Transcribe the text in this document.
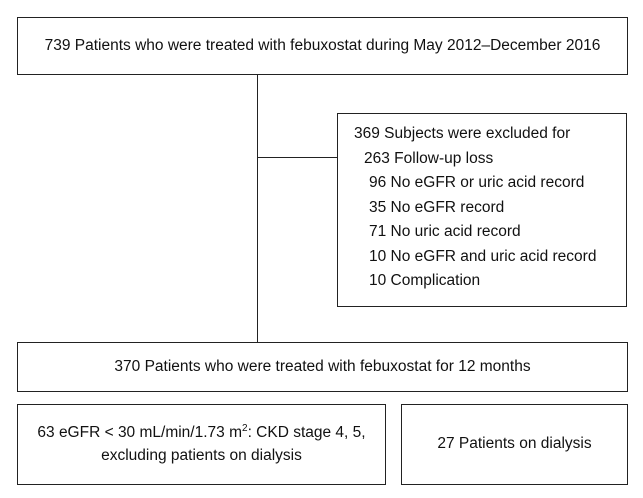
739 Patients who were treated with febuxostat during May 2012–December 2016
369 Subjects were excluded for
263 Follow-up loss
96 No eGFR or uric acid record
35 No eGFR record
71 No uric acid record
10 No eGFR and uric acid record
10 Complication
370 Patients who were treated with febuxostat for 12 months
63 eGFR < 30 mL/min/1.73 $m^2$: CKD stage 4, 5, excluding patients on dialysis
27 Patients on dialysis
